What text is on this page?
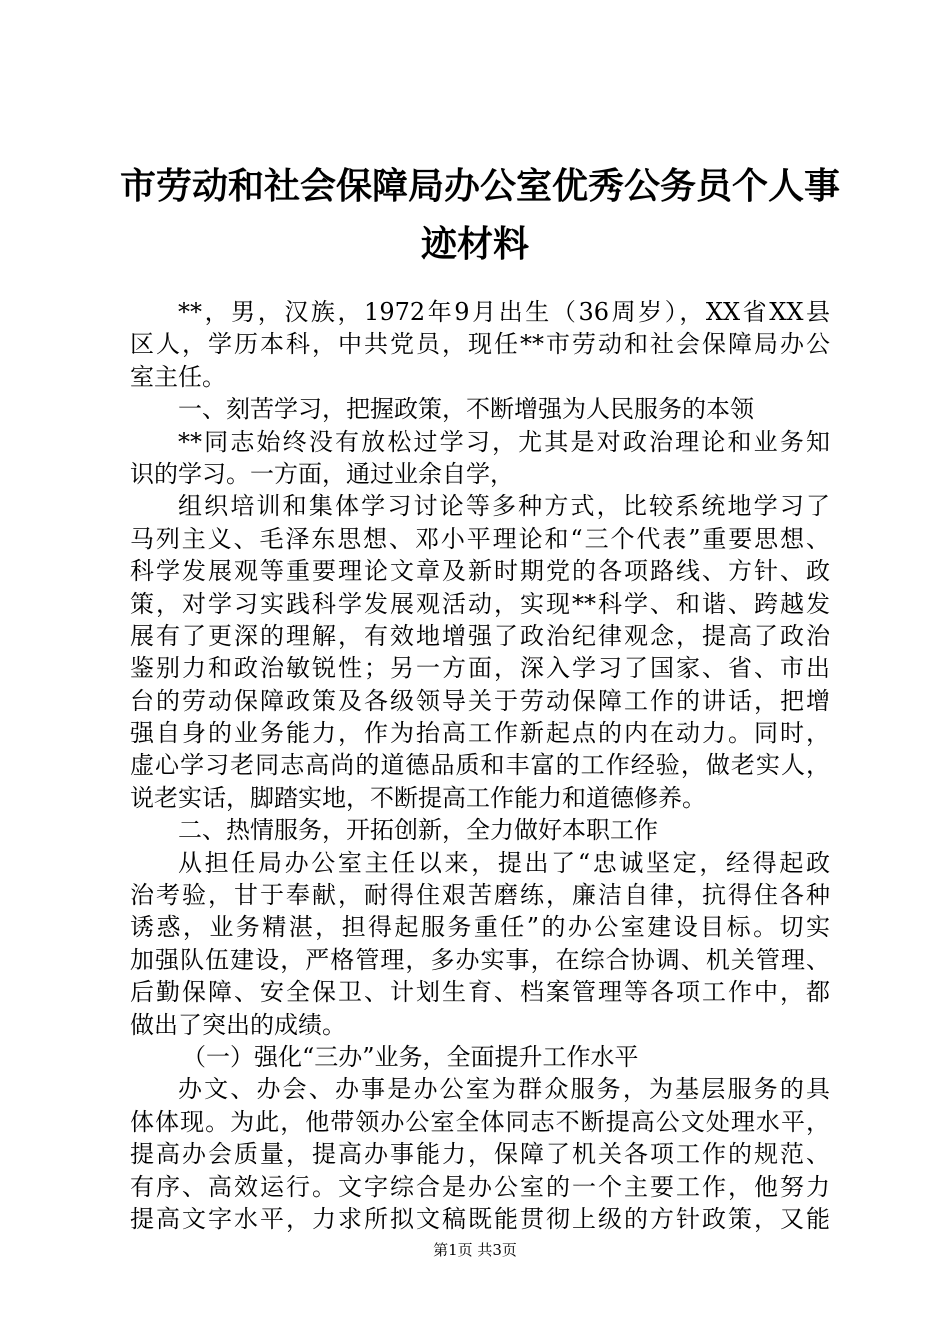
市劳动和社会保障局办公室优秀公务员个人事
迹材料
**，男，汉族，1972年9月出生（36周岁），XX省XX县
区人，学历本科，中共党员，现任**市劳动和社会保障局办公
室主任。
一、刻苦学习，把握政策，不断增强为人民服务的本领
**同志始终没有放松过学习，尤其是对政治理论和业务知
识的学习。一方面，通过业余自学，
组织培训和集体学习讨论等多种方式，比较系统地学习了
马列主义、毛泽东思想、邓小平理论和“三个代表”重要思想、
科学发展观等重要理论文章及新时期党的各项路线、方针、政
策，对学习实践科学发展观活动，实现**科学、和谐、跨越发
展有了更深的理解，有效地增强了政治纪律观念，提高了政治
鉴别力和政治敏锐性；另一方面，深入学习了国家、省、市出
台的劳动保障政策及各级领导关于劳动保障工作的讲话，把增
强自身的业务能力，作为抬高工作新起点的内在动力。同时，
虚心学习老同志高尚的道德品质和丰富的工作经验，做老实人，
说老实话，脚踏实地，不断提高工作能力和道德修养。
二、热情服务，开拓创新，全力做好本职工作
从担任局办公室主任以来，提出了“忠诚坚定，经得起政
治考验，甘于奉献，耐得住艰苦磨练，廉洁自律，抗得住各种
诱惑，业务精湛，担得起服务重任”的办公室建设目标。切实
加强队伍建设，严格管理，多办实事，在综合协调、机关管理、
后勤保障、安全保卫、计划生育、档案管理等各项工作中，都
做出了突出的成绩。
（一）强化“三办”业务，全面提升工作水平
办文、办会、办事是办公室为群众服务，为基层服务的具
体体现。为此，他带领办公室全体同志不断提高公文处理水平，
提高办会质量，提高办事能力，保障了机关各项工作的规范、
有序、高效运行。文字综合是办公室的一个主要工作，他努力
提高文字水平，力求所拟文稿既能贯彻上级的方针政策，又能
第1页 共3页
